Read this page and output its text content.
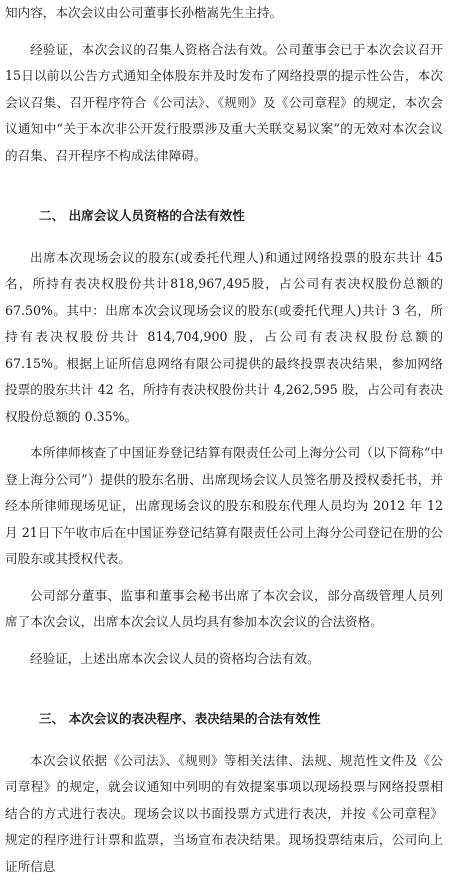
知内容，本次会议由公司董事长孙楷嵩先生主持。

经验证，本次会议的召集人资格合法有效。公司董事会已于本次会议召开15日以前以公告方式通知全体股东并及时发布了网络投票的提示性公告，本次会议召集、召开程序符合《公司法》、《规则》及《公司章程》的规定，本次会议通知中“关于本次非公开发行股票涉及重大关联交易议案”的无效对本次会议的召集、召开程序不构成法律障碍。

二、 出席会议人员资格的合法有效性

出席本次现场会议的股东(或委托代理人)和通过网络投票的股东共计 45名，所持有表决权股份共计818,967,495股，占公司有表决权股份总额的67.50%。其中：出席本次会议现场会议的股东(或委托代理人)共计 3 名，所持有表决权股份共计 814,704,900 股，占公司有表决权股份总额的 67.15%。根据上证所信息网络有限公司提供的最终投票表决结果，参加网络投票的股东共计 42 名，所持有表决权股份共计 4,262,595 股，占公司有表决权股份总额的 0.35%。

本所律师核查了中国证券登记结算有限责任公司上海分公司（以下简称“中登上海分公司”）提供的股东名册、出席现场会议人员签名册及授权委托书，并经本所律师现场见证，出席现场会议的股东和股东代理人员均为 2012 年 12 月 21日下午收市后在中国证券登记结算有限责任公司上海分公司登记在册的公司股东或其授权代表。

公司部分董事、监事和董事会秘书出席了本次会议，部分高级管理人员列席了本次会议，出席本次会议人员均具有参加本次会议的合法资格。

经验证，上述出席本次会议人员的资格均合法有效。

三、 本次会议的表决程序、表决结果的合法有效性

本次会议依据《公司法》、《规则》等相关法律、法规、规范性文件及《公司章程》的规定，就会议通知中列明的有效提案事项以现场投票与网络投票相结合的方式进行表决。现场会议以书面投票方式进行表决，并按《公司章程》规定的程序进行计票和监票，当场宣布表决结果。现场投票结束后，公司向上证所信息
